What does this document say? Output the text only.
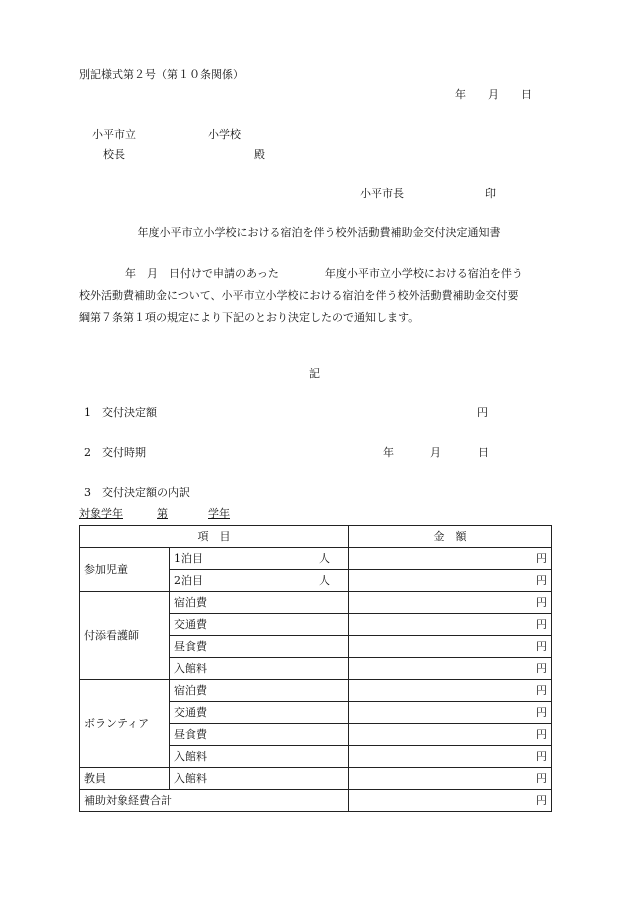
別記様式第２号（第１０条関係）
年 月 日
小平市立	小学校
校長	殿
小平市長	印
年度小平市立小学校における宿泊を伴う校外活動費補助金交付決定通知書
年　月　日付けで申請のあった	年度小平市立小学校における宿泊を伴う
校外活動費補助金について、小平市立小学校における宿泊を伴う校外活動費補助金交付要
綱第７条第１項の規定により下記のとおり決定したので通知します。
記
1　交付決定額	円
2　交付時期	年	月	日
3　交付決定額の内訳
対象学年	第	学年
項　目		金　額
参加児童	1泊目 人	円
	2泊目 人	円
付添看護師	宿泊費	円
	交通費	円
	昼食費	円
	入館料	円
ボランティア	宿泊費	円
	交通費	円
	昼食費	円
	入館料	円
教員	入館料	円
補助対象経費合計		円
